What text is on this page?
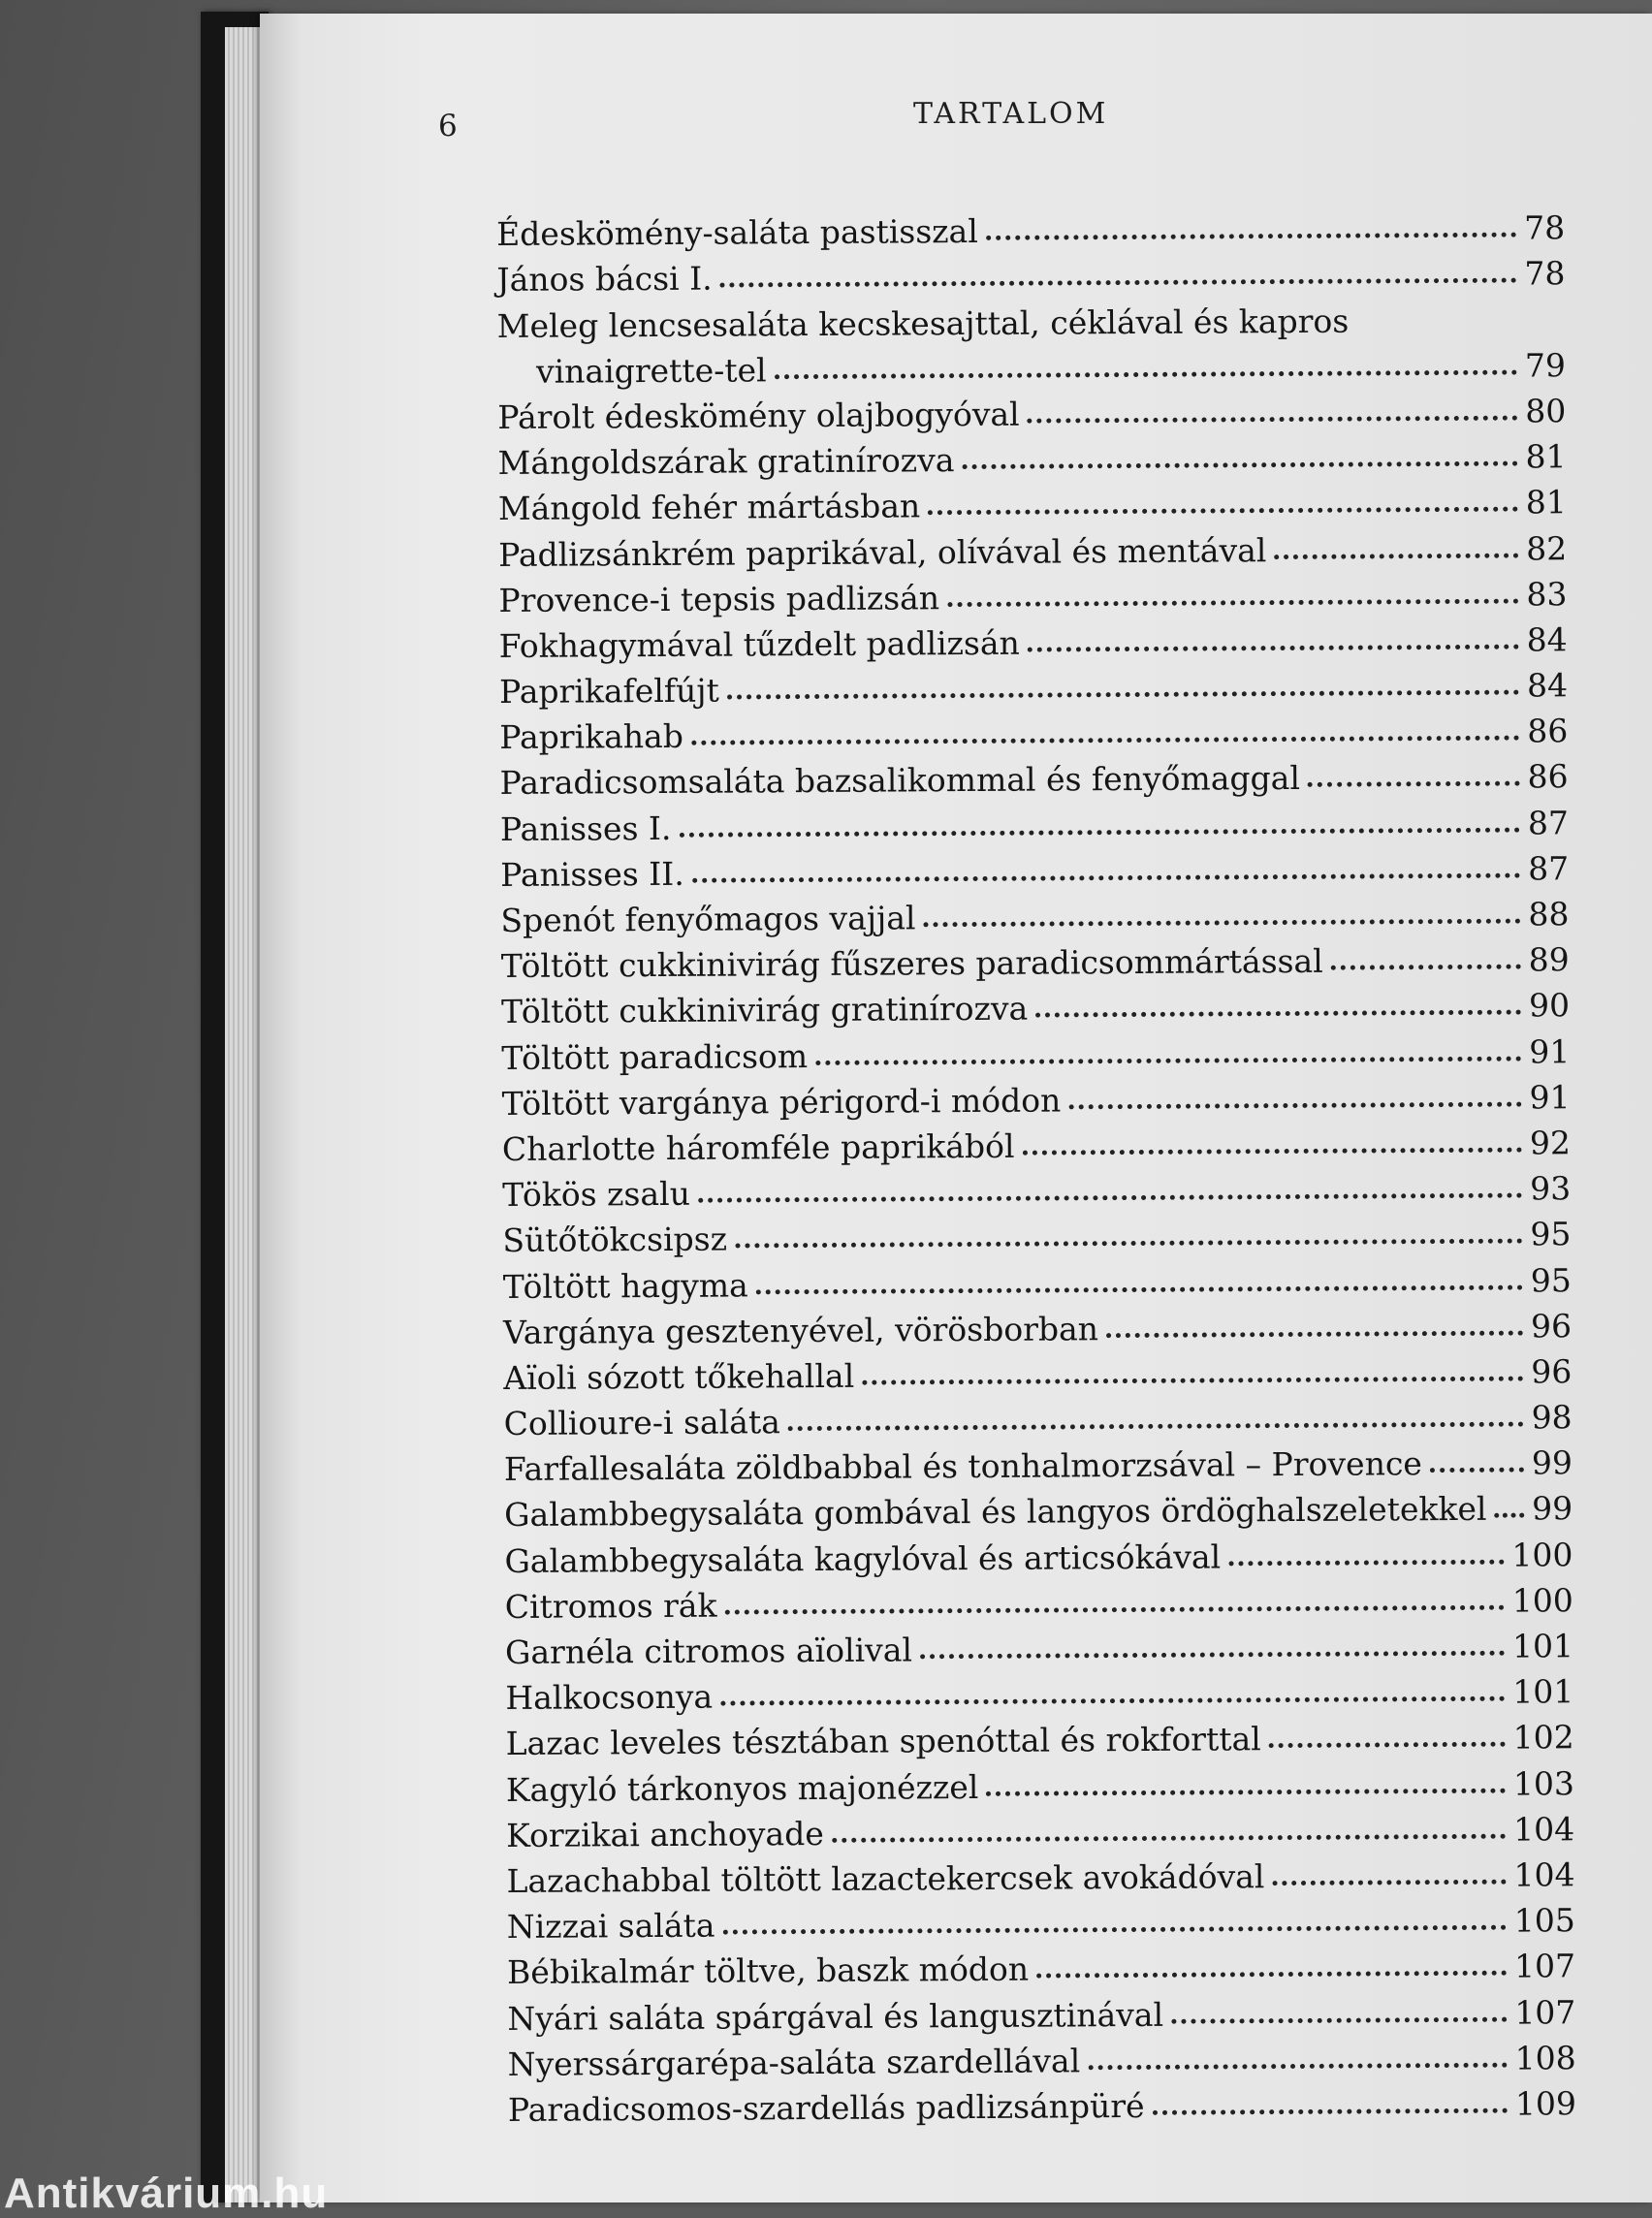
6	TARTALOM
Édeskömény-saláta pastisszal	78
János bácsi I.	78
Meleg lencsesaláta kecskesajttal, céklával és kapros
vinaigrette-tel	79
Párolt édeskömény olajbogyóval	80
Mángoldszárak gratinírozva	81
Mángold fehér mártásban	81
Padlizsánkrém paprikával, olívával és mentával	82
Provence-i tepsis padlizsán	83
Fokhagymával tűzdelt padlizsán	84
Paprikafelfújt	84
Paprikahab	86
Paradicsomsaláta bazsalikommal és fenyőmaggal	86
Panisses I.	87
Panisses II.	87
Spenót fenyőmagos vajjal	88
Töltött cukkinivirág fűszeres paradicsommártással	89
Töltött cukkinivirág gratinírozva	90
Töltött paradicsom	91
Töltött vargánya périgord-i módon	91
Charlotte háromféle paprikából	92
Tökös zsalu	93
Sütőtökcsipsz	95
Töltött hagyma	95
Vargánya gesztenyével, vörösborban	96
Aïoli sózott tőkehallal	96
Collioure-i saláta	98
Farfallesaláta zöldbabbal és tonhalmorzsával – Provence	99
Galambbegysaláta gombával és langyos ördöghalszeletekkel 99
Galambbegysaláta kagylóval és articsókával	100
Citromos rák	100
Garnéla citromos aïolival	101
Halkocsonya	101
Lazac leveles tésztában spenóttal és rokforttal	102
Kagyló tárkonyos majonézzel	103
Korzikai anchoyade	104
Lazachabbal töltött lazactekercsek avokádóval	104
Nizzai saláta	105
Bébikalmár töltve, baszk módon	107
Nyári saláta spárgával és langusztinával	107
Nyerssárgarépa-saláta szardellával	108
Paradicsomos-szardellás padlizsánpüré	109
Antikvárium.hu
